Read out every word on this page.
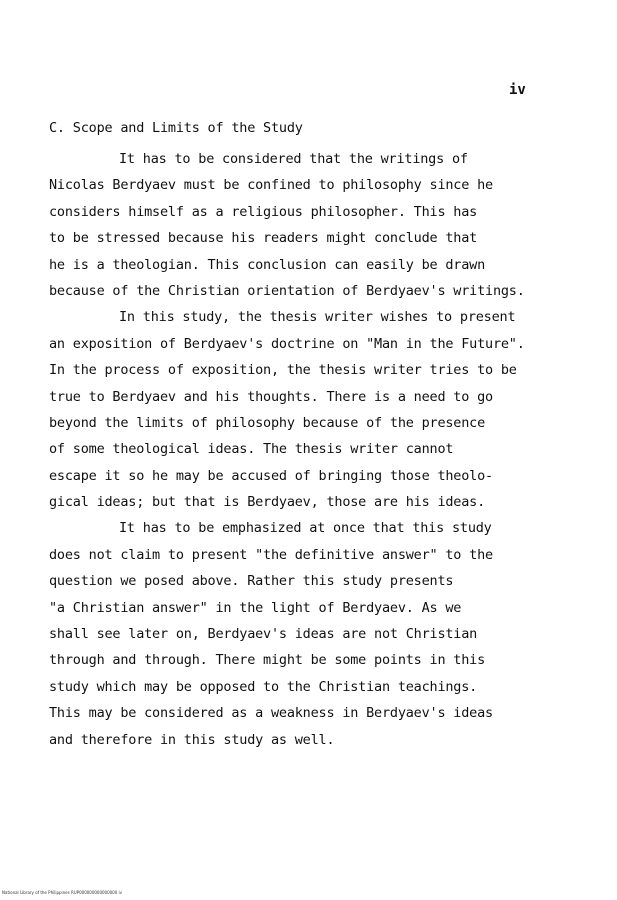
iv
C. Scope and Limits of the Study
It has to be considered that the writings of
Nicolas Berdyaev must be confined to philosophy since he
considers himself as a religious philosopher. This has
to be stressed because his readers might conclude that
he is a theologian. This conclusion can easily be drawn
because of the Christian orientation of Berdyaev's writings.
In this study, the thesis writer wishes to present
an exposition of Berdyaev's doctrine on "Man in the Future".
In the process of exposition, the thesis writer tries to be
true to Berdyaev and his thoughts. There is a need to go
beyond the limits of philosophy because of the presence
of some theological ideas. The thesis writer cannot
escape it so he may be accused of bringing those theolo-
gical ideas; but that is Berdyaev, those are his ideas.
It has to be emphasized at once that this study
does not claim to present "the definitive answer" to the
question we posed above. Rather this study presents
"a Christian answer" in the light of Berdyaev. As we
shall see later on, Berdyaev's ideas are not Christian
through and through. There might be some points in this
study which may be opposed to the Christian teachings.
This may be considered as a weakness in Berdyaev's ideas
and therefore in this study as well.
National Library of the Philippines RUP000000000000000 iv
